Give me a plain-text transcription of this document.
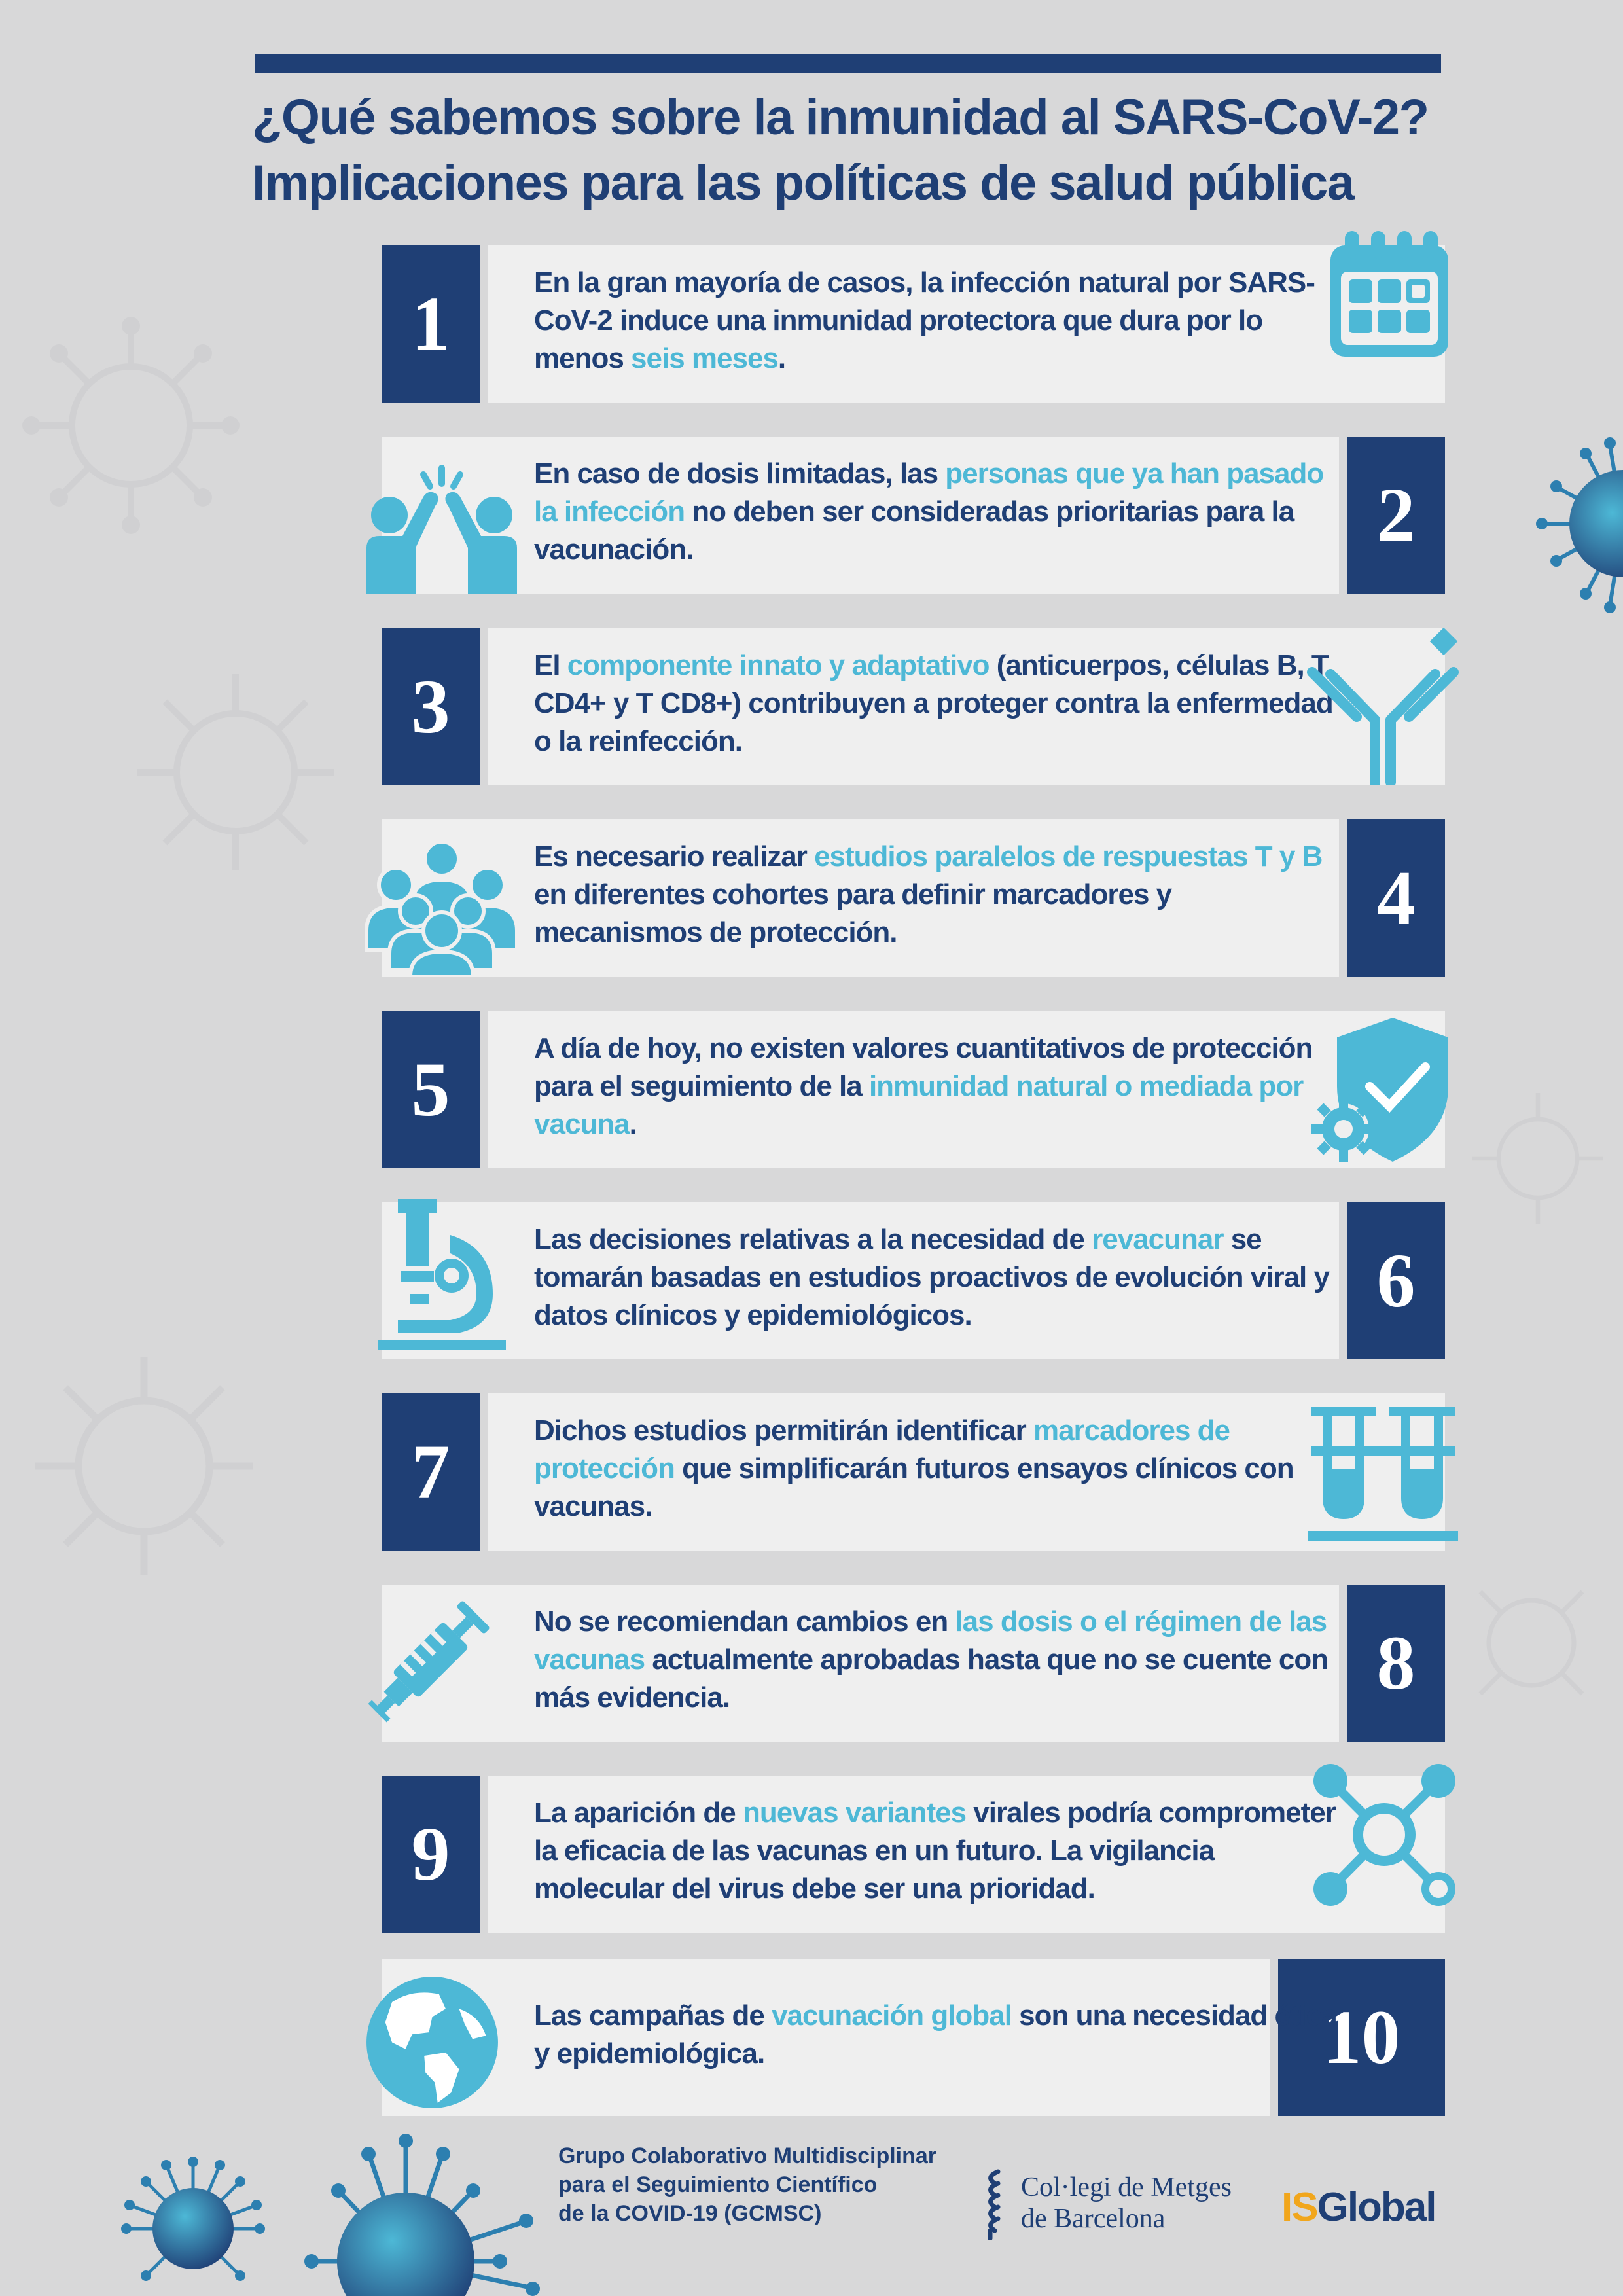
¿Qué sabemos sobre la inmunidad al SARS-CoV-2?
Implicaciones para las políticas de salud pública
1	En la gran mayoría de casos, la infección natural por SARS-CoV-2 induce una inmunidad protectora que dura por lo menos seis meses.

2

En caso de dosis limitadas, las personas que ya han pasado la infección no deben ser consideradas prioritarias para la vacunación.

3	El componente innato y adaptativo (anticuerpos, células B, T CD4+ y T CD8+) contribuyen a proteger contra la enfermedad o la reinfección.

4

Es necesario realizar estudios paralelos de respuestas T y B en diferentes cohortes para definir marcadores y mecanismos de protección.

5	A día de hoy, no existen valores cuantitativos de protección para el seguimiento de la inmunidad natural o mediada por vacuna.

6

Las decisiones relativas a la necesidad de revacunar se tomarán basadas en estudios proactivos de evolución viral y datos clínicos y epidemiológicos.

7	Dichos estudios permitirán identificar marcadores de protección que simplificarán futuros ensayos clínicos con vacunas.

8

No se recomiendan cambios en las dosis o el régimen de las vacunas actualmente aprobadas hasta que no se cuente con más evidencia.

9	La aparición de nuevas variantes virales podría comprometer la eficacia de las vacunas en un futuro. La vigilancia molecular del virus debe ser una prioridad.

10

Las campañas de vacunación global son una necesidad ética y epidemiológica.

Grupo Colaborativo Multidisciplinar
para el Seguimiento Científico
de la COVID-19 (GCMSC)

Col·legi de Metges
de Barcelona	ISGlobal
